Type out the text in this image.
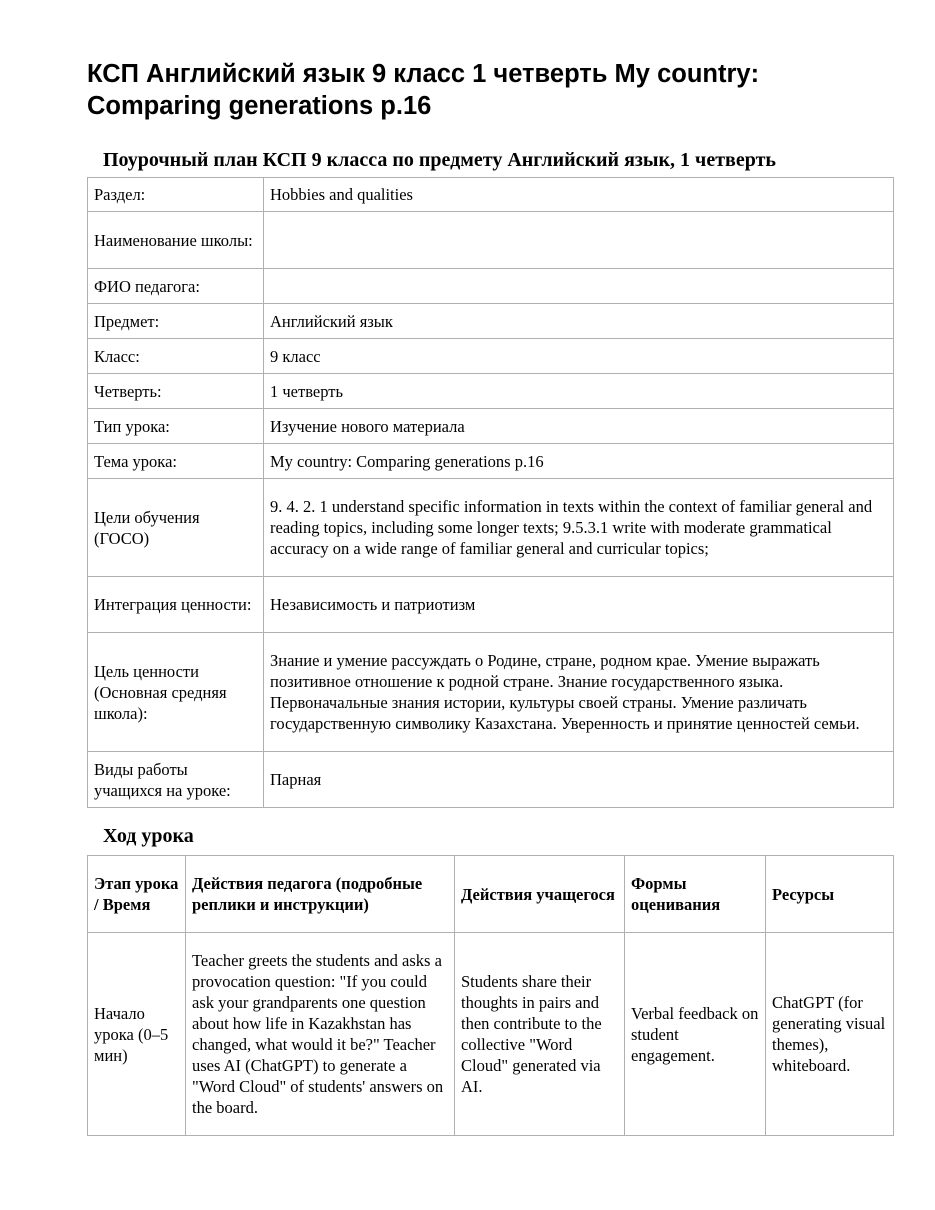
КСП Английский язык 9 класс 1 четверть My country: Comparing generations p.16
Поурочный план КСП 9 класса по предмету Английский язык, 1 четверть
Раздел:	Hobbies and qualities
Наименование школы:	
ФИО педагога:	
Предмет:	Английский язык
Класс:	9 класс
Четверть:	1 четверть
Тип урока:	Изучение нового материала
Тема урока:	My country: Comparing generations p.16
Цели обучения (ГОСО)	9. 4. 2. 1 understand specific information in texts within the context of familiar general and reading topics, including some longer texts; 9.5.3.1 write with moderate grammatical accuracy on a wide range of familiar general and curricular topics;
Интеграция ценности:	Независимость и патриотизм
Цель ценности (Основная средняя школа):	Знание и умение рассуждать о Родине, стране, родном крае. Умение выражать позитивное отношение к родной стране. Знание государственного языка. Первоначальные знания истории, культуры своей страны. Умение различать государственную символику Казахстана. Уверенность и принятие ценностей семьи.
Виды работы учащихся на уроке:	Парная
Ход урока
Этап урока / Время	Действия педагога (подробные реплики и инструкции)	Действия учащегося	Формы оценивания	Ресурсы
Начало урока (0–5 мин)	Teacher greets the students and asks a provocation question: "If you could ask your grandparents one question about how life in Kazakhstan has changed, what would it be?" Teacher uses AI (ChatGPT) to generate a "Word Cloud" of students' answers on the board.	Students share their thoughts in pairs and then contribute to the collective "Word Cloud" generated via AI.	Verbal feedback on student engagement.	ChatGPT (for generating visual themes), whiteboard.
